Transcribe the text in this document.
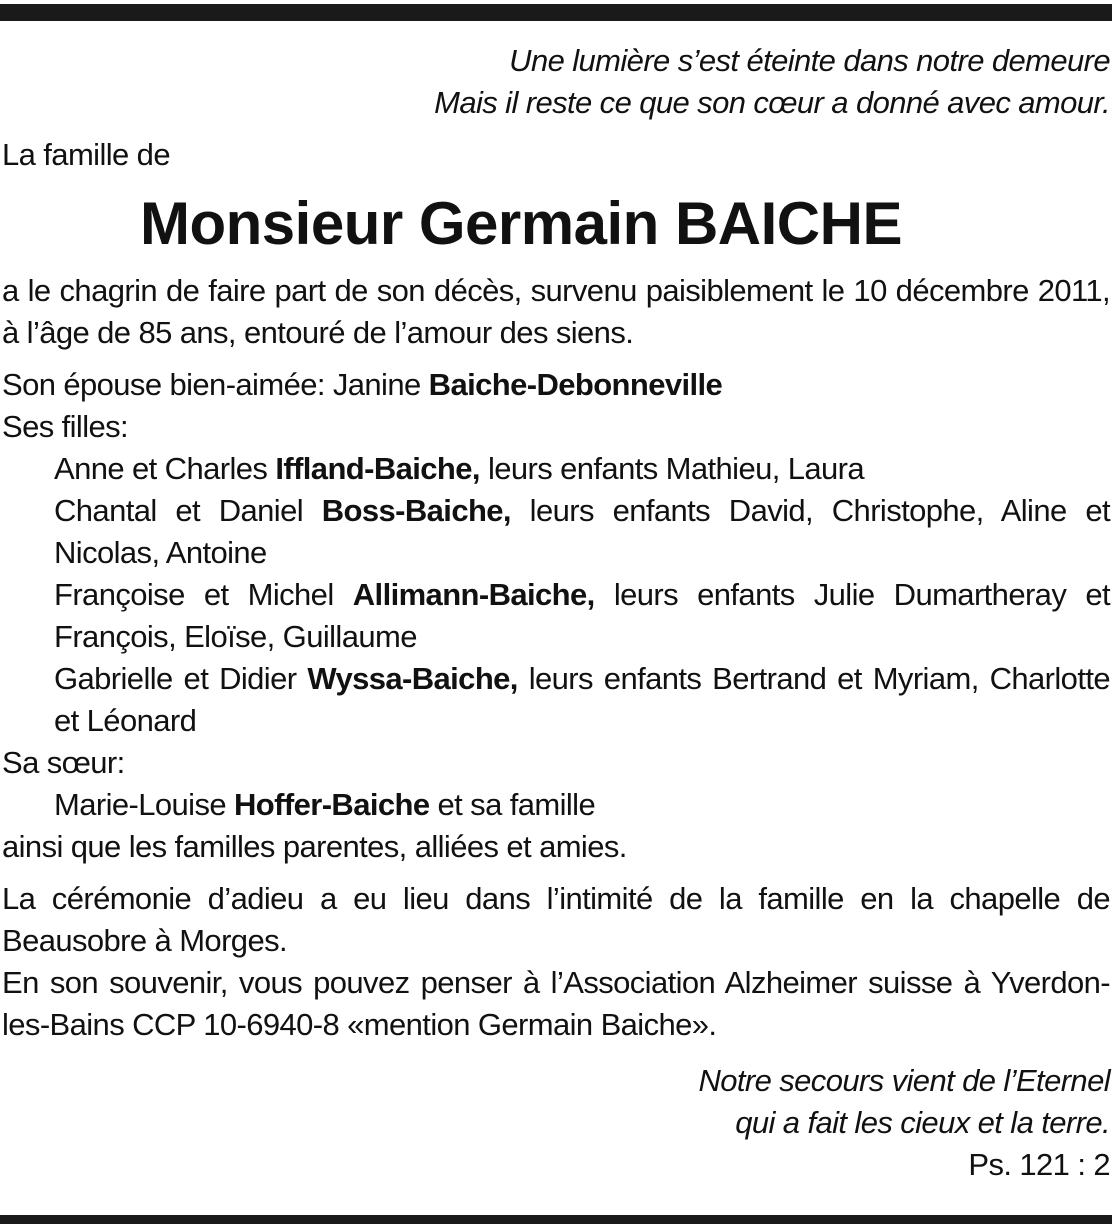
Une lumière s’est éteinte dans notre demeure
Mais il reste ce que son cœur a donné avec amour.
La famille de
Monsieur Germain BAICHE
a le chagrin de faire part de son décès, survenu paisiblement le 10 décembre 2011, à l’âge de 85 ans, entouré de l’amour des siens.
Son épouse bien-aimée: Janine Baiche-Debonneville
Ses filles:
Anne et Charles Iffland-Baiche, leurs enfants Mathieu, Laura
Chantal et Daniel Boss-Baiche, leurs enfants David, Christophe, Aline et Nicolas, Antoine
Françoise et Michel Allimann-Baiche, leurs enfants Julie Dumartheray et François, Eloïse, Guillaume
Gabrielle et Didier Wyssa-Baiche, leurs enfants Bertrand et Myriam, Charlotte et Léonard
Sa sœur:
Marie-Louise Hoffer-Baiche et sa famille
ainsi que les familles parentes, alliées et amies.
La cérémonie d’adieu a eu lieu dans l’intimité de la famille en la chapelle de Beausobre à Morges.
En son souvenir, vous pouvez penser à l’Association Alzheimer suisse à Yverdon-les-Bains CCP 10-6940-8 «mention Germain Baiche».
Notre secours vient de l’Eternel
qui a fait les cieux et la terre.
Ps. 121 : 2
